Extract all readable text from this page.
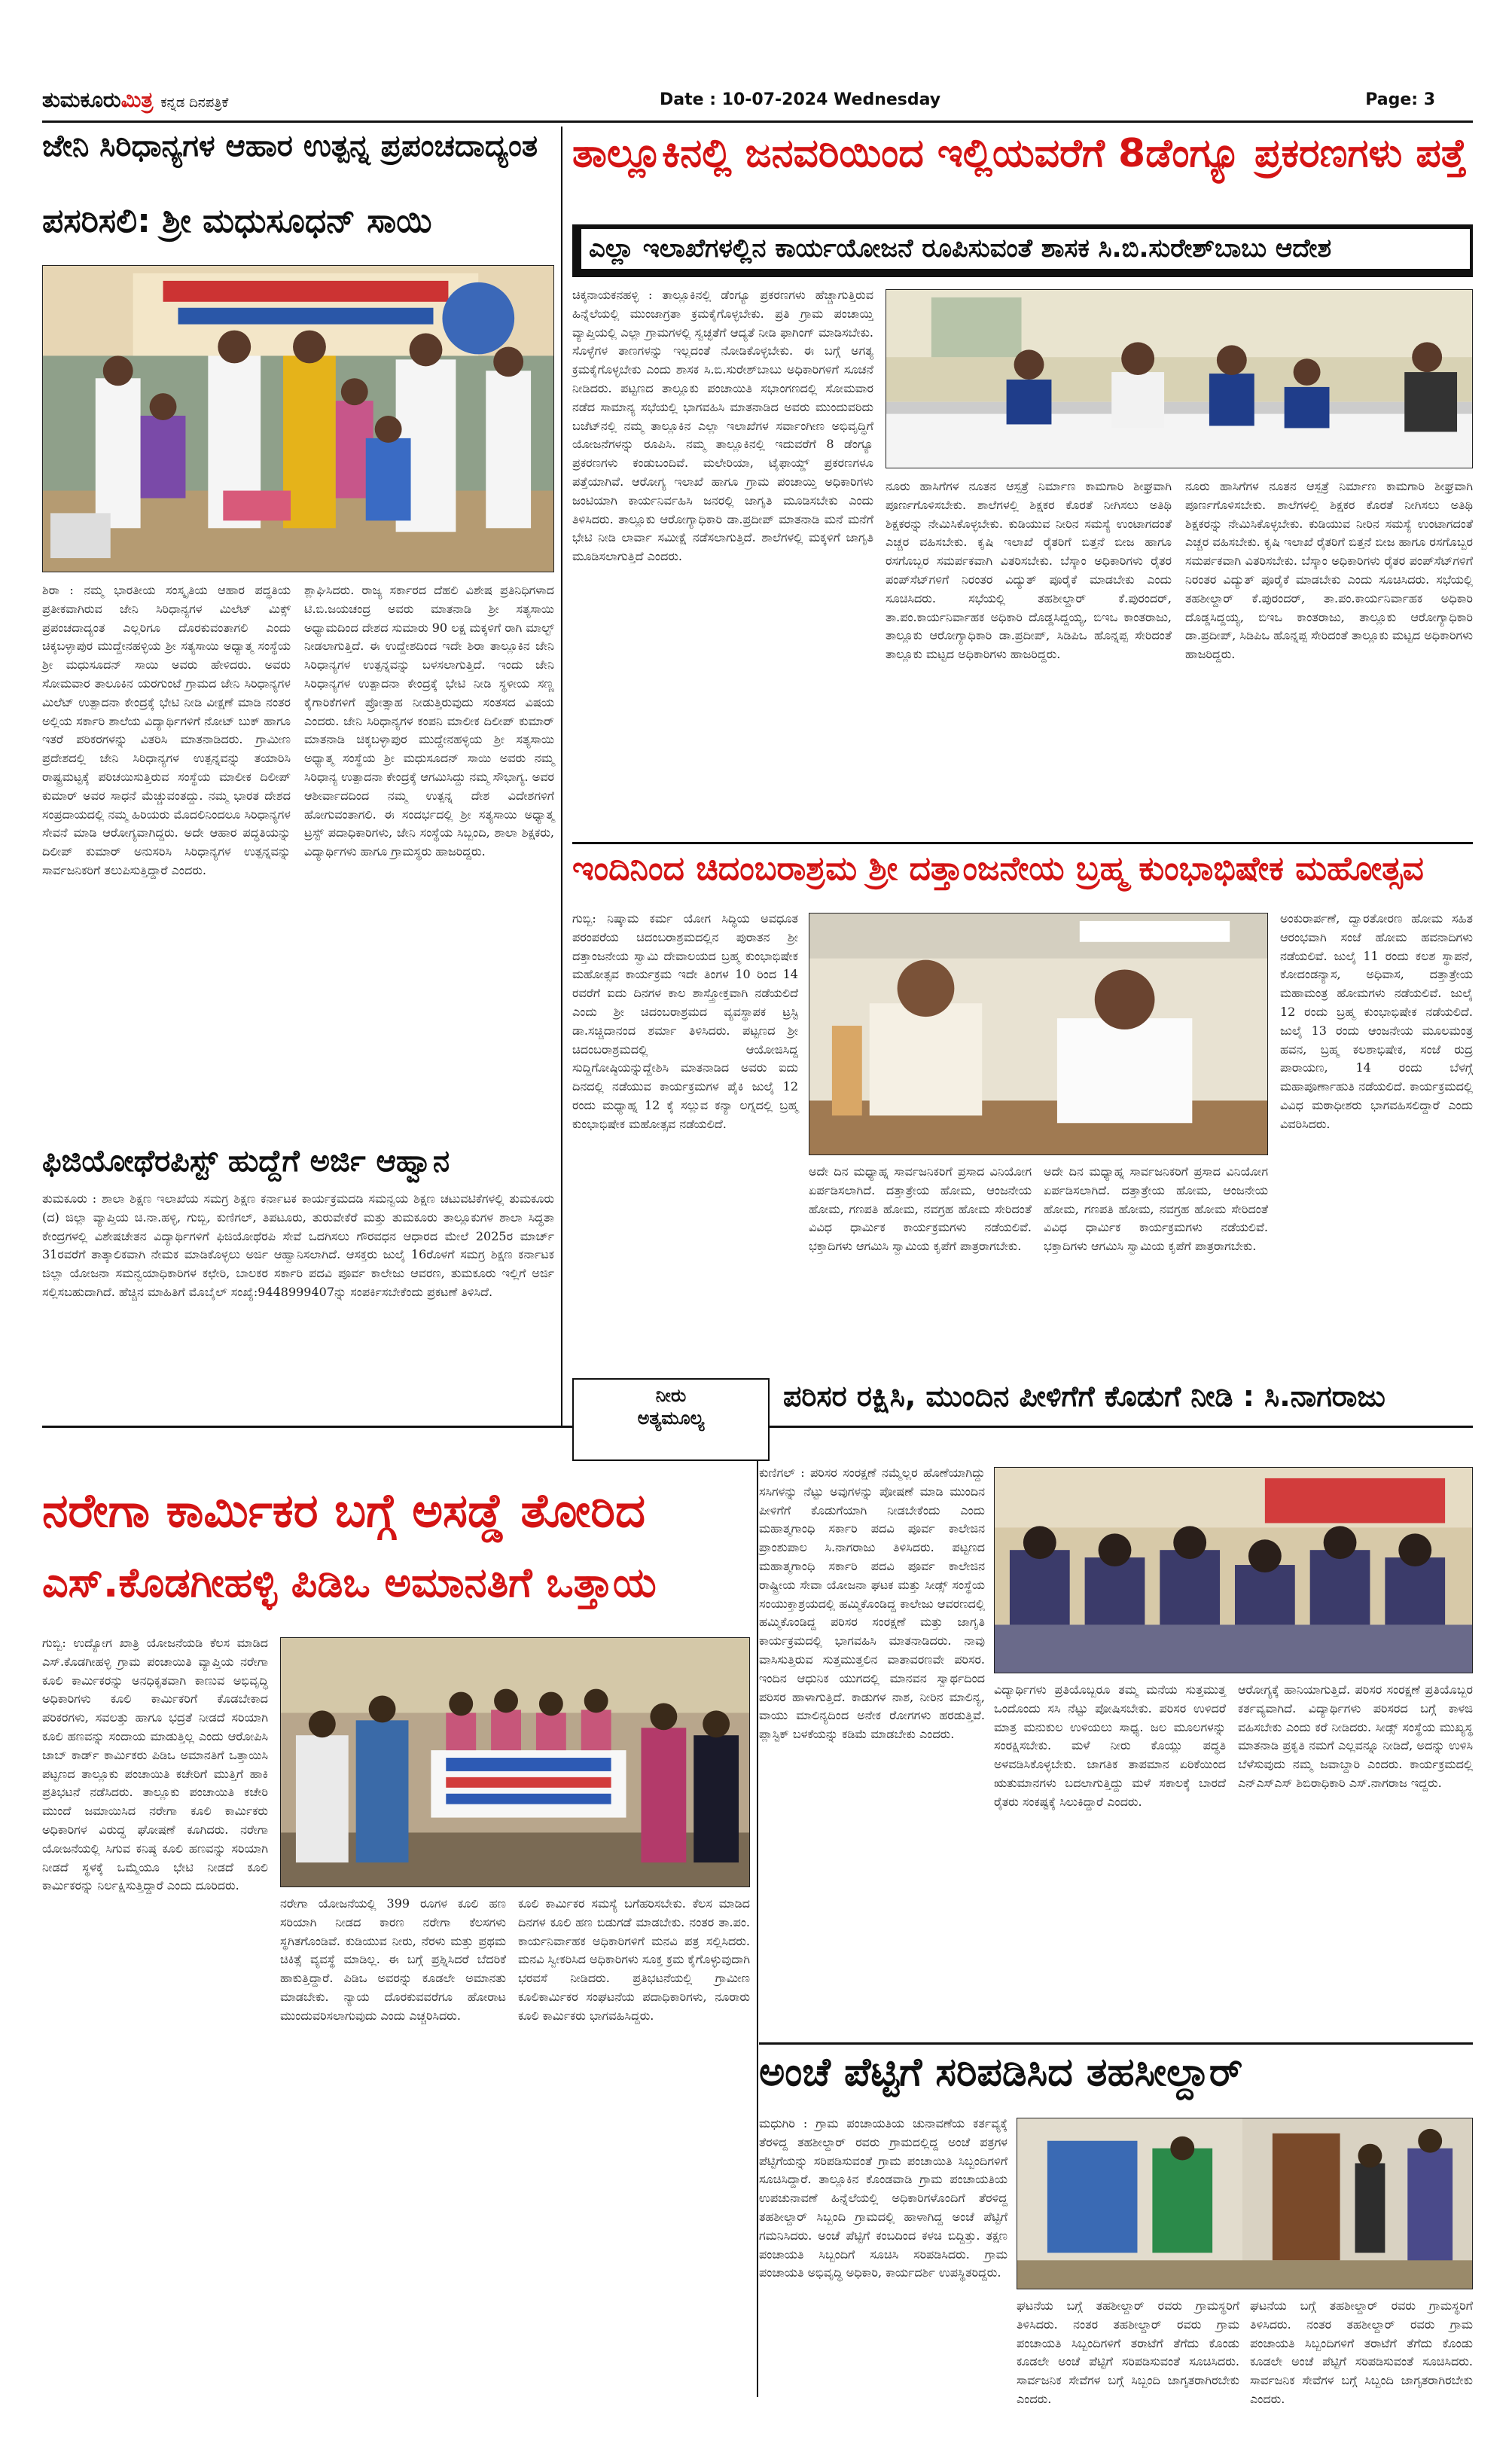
ತುಮಕೂರುಮಿತ್ರ ಕನ್ನಡ ದಿನಪತ್ರಿಕೆ	Date : 10-07-2024 Wednesday	Page: 3
ಜೇನಿ ಸಿರಿಧಾನ್ಯಗಳ ಆಹಾರ ಉತ್ಪನ್ನ ಪ್ರಪಂಚದಾದ್ಯಂತ
ಪಸರಿಸಲಿ: ಶ್ರೀ ಮಧುಸೂಧನ್ ಸಾಯಿ
ಶಿರಾ : ನಮ್ಮ ಭಾರತೀಯ ಸಂಸ್ಕೃತಿಯ ಆಹಾರ ಪದ್ಧತಿಯ ಪ್ರತೀಕವಾಗಿರುವ ಜೇನಿ ಸಿರಿಧಾನ್ಯಗಳ ಮಿಲೆಟ್ ಮಿಕ್ಸ್ ಪ್ರಪಂಚದಾದ್ಯಂತ ಎಲ್ಲರಿಗೂ ದೊರಕುವಂತಾಗಲಿ ಎಂದು ಚಿಕ್ಕಬಳ್ಳಾಪುರ ಮುದ್ದೇನಹಳ್ಳಿಯ ಶ್ರೀ ಸತ್ಯಸಾಯಿ ಅಧ್ಯಾತ್ಮ ಸಂಸ್ಥೆಯ ಶ್ರೀ ಮಧುಸೂದನ್ ಸಾಯಿ ಅವರು ಹೇಳಿದರು. ಅವರು ಸೋಮವಾರ ತಾಲೂಕಿನ ಯರಗುಂಟೆ ಗ್ರಾಮದ ಜೇನಿ ಸಿರಿಧಾನ್ಯಗಳ ಮಿಲೆಟ್ ಉತ್ಪಾದನಾ ಕೇಂದ್ರಕ್ಕೆ ಭೇಟಿ ನೀಡಿ ವೀಕ್ಷಣೆ ಮಾಡಿ ನಂತರ ಅಲ್ಲಿಯ ಸರ್ಕಾರಿ ಶಾಲೆಯ ವಿದ್ಯಾರ್ಥಿಗಳಿಗೆ ನೋಟ್ ಬುಕ್ ಹಾಗೂ ಇತರೆ ಪರಿಕರಗಳನ್ನು ವಿತರಿಸಿ ಮಾತನಾಡಿದರು. ಗ್ರಾಮೀಣ ಪ್ರದೇಶದಲ್ಲಿ ಜೇನಿ ಸಿರಿಧಾನ್ಯಗಳ ಉತ್ಪನ್ನವನ್ನು ತಯಾರಿಸಿ ರಾಷ್ಟ್ರಮಟ್ಟಕ್ಕೆ ಪರಿಚಯಿಸುತ್ತಿರುವ ಸಂಸ್ಥೆಯ ಮಾಲೀಕ ದಿಲೀಪ್ ಕುಮಾರ್ ಅವರ ಸಾಧನೆ ಮೆಚ್ಚುವಂತದ್ದು. ನಮ್ಮ ಭಾರತ ದೇಶದ ಸಂಪ್ರದಾಯದಲ್ಲಿ ನಮ್ಮ ಹಿರಿಯರು ಮೊದಲಿನಿಂದಲೂ ಸಿರಿಧಾನ್ಯಗಳ ಸೇವನೆ ಮಾಡಿ ಆರೋಗ್ಯವಾಗಿದ್ದರು. ಅದೇ ಆಹಾರ ಪದ್ಧತಿಯನ್ನು ದಿಲೀಪ್ ಕುಮಾರ್ ಅನುಸರಿಸಿ ಸಿರಿಧಾನ್ಯಗಳ ಉತ್ಪನ್ನವನ್ನು ಸಾರ್ವಜನಿಕರಿಗೆ ತಲುಪಿಸುತ್ತಿದ್ದಾರೆ ಎಂದರು.
ಶ್ಲಾಘಿಸಿದರು. ರಾಜ್ಯ ಸರ್ಕಾರದ ದೆಹಲಿ ವಿಶೇಷ ಪ್ರತಿನಿಧಿಗಳಾದ ಟಿ.ಬಿ.ಜಯಚಂದ್ರ ಅವರು ಮಾತನಾಡಿ ಶ್ರೀ ಸತ್ಯಸಾಯಿ ಅಧ್ಯಾಮದಿಂದ ದೇಶದ ಸುಮಾರು 90 ಲಕ್ಷ ಮಕ್ಕಳಿಗೆ ರಾಗಿ ಮಾಲ್ಟ್ ನೀಡಲಾಗುತ್ತಿದೆ. ಈ ಉದ್ದೇಶದಿಂದ ಇದೇ ಶಿರಾ ತಾಲ್ಲೂಕಿನ ಜೇನಿ ಸಿರಿಧಾನ್ಯಗಳ ಉತ್ಪನ್ನವನ್ನು ಬಳಸಲಾಗುತ್ತಿದೆ. ಇಂದು ಜೇನಿ ಸಿರಿಧಾನ್ಯಗಳ ಉತ್ಪಾದನಾ ಕೇಂದ್ರಕ್ಕೆ ಭೇಟಿ ನೀಡಿ ಸ್ಥಳೀಯ ಸಣ್ಣ ಕೈಗಾರಿಕೆಗಳಿಗೆ ಪ್ರೋತ್ಸಾಹ ನೀಡುತ್ತಿರುವುದು ಸಂತಸದ ವಿಷಯ ಎಂದರು. ಜೇನಿ ಸಿರಿಧಾನ್ಯಗಳ ಕಂಪನಿ ಮಾಲೀಕ ದಿಲೀಪ್ ಕುಮಾರ್ ಮಾತನಾಡಿ ಚಿಕ್ಕಬಳ್ಳಾಪುರ ಮುದ್ದೇನಹಳ್ಳಿಯ ಶ್ರೀ ಸತ್ಯಸಾಯಿ ಅಧ್ಯಾತ್ಮ ಸಂಸ್ಥೆಯ ಶ್ರೀ ಮಧುಸೂದನ್ ಸಾಯಿ ಅವರು ನಮ್ಮ ಸಿರಿಧಾನ್ಯ ಉತ್ಪಾದನಾ ಕೇಂದ್ರಕ್ಕೆ ಆಗಮಿಸಿದ್ದು ನಮ್ಮ ಸೌಭಾಗ್ಯ. ಅವರ ಆಶೀರ್ವಾದದಿಂದ ನಮ್ಮ ಉತ್ಪನ್ನ ದೇಶ ವಿದೇಶಗಳಿಗೆ ಹೋಗುವಂತಾಗಲಿ. ಈ ಸಂದರ್ಭದಲ್ಲಿ ಶ್ರೀ ಸತ್ಯಸಾಯಿ ಅಧ್ಯಾತ್ಮ ಟ್ರಸ್ಟ್ ಪದಾಧಿಕಾರಿಗಳು, ಜೇನಿ ಸಂಸ್ಥೆಯ ಸಿಬ್ಬಂದಿ, ಶಾಲಾ ಶಿಕ್ಷಕರು, ವಿದ್ಯಾರ್ಥಿಗಳು ಹಾಗೂ ಗ್ರಾಮಸ್ಥರು ಹಾಜರಿದ್ದರು.
ಫಿಜಿಯೋಥೆರಪಿಸ್ಟ್ ಹುದ್ದೆಗೆ ಅರ್ಜಿ ಆಹ್ವಾನ
ತುಮಕೂರು : ಶಾಲಾ ಶಿಕ್ಷಣ ಇಲಾಖೆಯ ಸಮಗ್ರ ಶಿಕ್ಷಣ ಕರ್ನಾಟಕ ಕಾರ್ಯಕ್ರಮದಡಿ ಸಮನ್ವಯ ಶಿಕ್ಷಣ ಚಟುವಟಿಕೆಗಳಲ್ಲಿ ತುಮಕೂರು (ದ) ಜಿಲ್ಲಾ ವ್ಯಾಪ್ತಿಯ ಚಿ.ನಾ.ಹಳ್ಳಿ, ಗುಬ್ಬಿ, ಕುಣಿಗಲ್, ತಿಪಟೂರು, ತುರುವೇಕೆರೆ ಮತ್ತು ತುಮಕೂರು ತಾಲ್ಲೂಕುಗಳ ಶಾಲಾ ಸಿದ್ಧತಾ ಕೇಂದ್ರಗಳಲ್ಲಿ ವಿಶೇಷಚೇತನ ವಿದ್ಯಾರ್ಥಿಗಳಿಗೆ ಫಿಜಿಯೋಥೆರಪಿ ಸೇವೆ ಒದಗಿಸಲು ಗೌರವಧನ ಆಧಾರದ ಮೇಲೆ 2025ರ ಮಾರ್ಚ್ 31ರವರೆಗೆ ತಾತ್ಕಾಲಿಕವಾಗಿ ನೇಮಕ ಮಾಡಿಕೊಳ್ಳಲು ಅರ್ಜಿ ಆಹ್ವಾನಿಸಲಾಗಿದೆ. ಆಸಕ್ತರು ಜುಲೈ 16ರೊಳಗೆ ಸಮಗ್ರ ಶಿಕ್ಷಣ ಕರ್ನಾಟಕ ಜಿಲ್ಲಾ ಯೋಜನಾ ಸಮನ್ವಯಾಧಿಕಾರಿಗಳ ಕಛೇರಿ, ಬಾಲಕರ ಸರ್ಕಾರಿ ಪದವಿ ಪೂರ್ವ ಕಾಲೇಜು ಆವರಣ, ತುಮಕೂರು ಇಲ್ಲಿಗೆ ಅರ್ಜಿ ಸಲ್ಲಿಸಬಹುದಾಗಿದೆ. ಹೆಚ್ಚಿನ ಮಾಹಿತಿಗೆ ಮೊಬೈಲ್ ಸಂಖ್ಯೆ:9448999407ನ್ನು ಸಂಪರ್ಕಿಸಬೇಕೆಂದು ಪ್ರಕಟಣೆ ತಿಳಿಸಿದೆ.
ತಾಲ್ಲೂಕಿನಲ್ಲಿ ಜನವರಿಯಿಂದ ಇಲ್ಲಿಯವರೆಗೆ 8ಡೆಂಗ್ಯೂ ಪ್ರಕರಣಗಳು ಪತ್ತೆ
ಎಲ್ಲಾ ಇಲಾಖೆಗಳಲ್ಲಿನ ಕಾರ್ಯಯೋಜನೆ ರೂಪಿಸುವಂತೆ ಶಾಸಕ ಸಿ.ಬಿ.ಸುರೇಶ್‌ಬಾಬು ಆದೇಶ
ಚಿಕ್ಕನಾಯಕನಹಳ್ಳಿ : ತಾಲ್ಲೂಕಿನಲ್ಲಿ ಡೆಂಗ್ಯೂ ಪ್ರಕರಣಗಳು ಹೆಚ್ಚಾಗುತ್ತಿರುವ ಹಿನ್ನೆಲೆಯಲ್ಲಿ ಮುಂಜಾಗ್ರತಾ ಕ್ರಮಕೈಗೊಳ್ಳಬೇಕು. ಪ್ರತಿ ಗ್ರಾಮ ಪಂಚಾಯ್ತಿ ವ್ಯಾಪ್ತಿಯಲ್ಲಿ ಎಲ್ಲಾ ಗ್ರಾಮಗಳಲ್ಲಿ ಸ್ವಚ್ಛತೆಗೆ ಆದ್ಯತೆ ನೀಡಿ ಫಾಗಿಂಗ್ ಮಾಡಿಸಬೇಕು. ಸೊಳ್ಳೆಗಳ ತಾಣಗಳನ್ನು ಇಲ್ಲದಂತೆ ನೋಡಿಕೊಳ್ಳಬೇಕು. ಈ ಬಗ್ಗೆ ಅಗತ್ಯ ಕ್ರಮಕೈಗೊಳ್ಳಬೇಕು ಎಂದು ಶಾಸಕ ಸಿ.ಬಿ.ಸುರೇಶ್‌ಬಾಬು ಅಧಿಕಾರಿಗಳಿಗೆ ಸೂಚನೆ ನೀಡಿದರು. ಪಟ್ಟಣದ ತಾಲ್ಲೂಕು ಪಂಚಾಯಿತಿ ಸಭಾಂಗಣದಲ್ಲಿ ಸೋಮವಾರ ನಡೆದ ಸಾಮಾನ್ಯ ಸಭೆಯಲ್ಲಿ ಭಾಗವಹಿಸಿ ಮಾತನಾಡಿದ ಅವರು ಮುಂದುವರಿದು ಬಜೆಟ್‌ನಲ್ಲಿ ನಮ್ಮ ತಾಲ್ಲೂಕಿನ ಎಲ್ಲಾ ಇಲಾಖೆಗಳ ಸರ್ವಾಂಗೀಣ ಅಭಿವೃದ್ಧಿಗೆ ಯೋಜನೆಗಳನ್ನು ರೂಪಿಸಿ. ನಮ್ಮ ತಾಲ್ಲೂಕಿನಲ್ಲಿ ಇದುವರೆಗೆ 8 ಡೆಂಗ್ಯೂ ಪ್ರಕರಣಗಳು ಕಂಡುಬಂದಿವೆ. ಮಲೇರಿಯಾ, ಟೈಫಾಯ್ಡ್ ಪ್ರಕರಣಗಳೂ ಪತ್ತೆಯಾಗಿವೆ. ಆರೋಗ್ಯ ಇಲಾಖೆ ಹಾಗೂ ಗ್ರಾಮ ಪಂಚಾಯ್ತಿ ಅಧಿಕಾರಿಗಳು ಜಂಟಿಯಾಗಿ ಕಾರ್ಯನಿರ್ವಹಿಸಿ ಜನರಲ್ಲಿ ಜಾಗೃತಿ ಮೂಡಿಸಬೇಕು ಎಂದು ತಿಳಿಸಿದರು. ತಾಲ್ಲೂಕು ಆರೋಗ್ಯಾಧಿಕಾರಿ ಡಾ.ಪ್ರದೀಪ್ ಮಾತನಾಡಿ ಮನೆ ಮನೆಗೆ ಭೇಟಿ ನೀಡಿ ಲಾರ್ವಾ ಸಮೀಕ್ಷೆ ನಡೆಸಲಾಗುತ್ತಿದೆ. ಶಾಲೆಗಳಲ್ಲಿ ಮಕ್ಕಳಿಗೆ ಜಾಗೃತಿ ಮೂಡಿಸಲಾಗುತ್ತಿದೆ ಎಂದರು.
ನೂರು ಹಾಸಿಗೆಗಳ ನೂತನ ಆಸ್ಪತ್ರೆ ನಿರ್ಮಾಣ ಕಾಮಗಾರಿ ಶೀಘ್ರವಾಗಿ ಪೂರ್ಣಗೊಳಿಸಬೇಕು. ಶಾಲೆಗಳಲ್ಲಿ ಶಿಕ್ಷಕರ ಕೊರತೆ ನೀಗಿಸಲು ಅತಿಥಿ ಶಿಕ್ಷಕರನ್ನು ನೇಮಿಸಿಕೊಳ್ಳಬೇಕು. ಕುಡಿಯುವ ನೀರಿನ ಸಮಸ್ಯೆ ಉಂಟಾಗದಂತೆ ಎಚ್ಚರ ವಹಿಸಬೇಕು. ಕೃಷಿ ಇಲಾಖೆ ರೈತರಿಗೆ ಬಿತ್ತನೆ ಬೀಜ ಹಾಗೂ ರಸಗೊಬ್ಬರ ಸಮರ್ಪಕವಾಗಿ ವಿತರಿಸಬೇಕು. ಬೆಸ್ಕಾಂ ಅಧಿಕಾರಿಗಳು ರೈತರ ಪಂಪ್‌ಸೆಟ್‌ಗಳಿಗೆ ನಿರಂತರ ವಿದ್ಯುತ್ ಪೂರೈಕೆ ಮಾಡಬೇಕು ಎಂದು ಸೂಚಿಸಿದರು. ಸಭೆಯಲ್ಲಿ ತಹಶೀಲ್ದಾರ್ ಕೆ.ಪುರಂದರ್, ತಾ.ಪಂ.ಕಾರ್ಯನಿರ್ವಾಹಕ ಅಧಿಕಾರಿ ದೊಡ್ಡಸಿದ್ದಯ್ಯ, ಬಿಇಒ ಕಾಂತರಾಜು, ತಾಲ್ಲೂಕು ಆರೋಗ್ಯಾಧಿಕಾರಿ ಡಾ.ಪ್ರದೀಪ್, ಸಿಡಿಪಿಒ ಹೊನ್ನಪ್ಪ ಸೇರಿದಂತೆ ತಾಲ್ಲೂಕು ಮಟ್ಟದ ಅಧಿಕಾರಿಗಳು ಹಾಜರಿದ್ದರು.
ನೂರು ಹಾಸಿಗೆಗಳ ನೂತನ ಆಸ್ಪತ್ರೆ ನಿರ್ಮಾಣ ಕಾಮಗಾರಿ ಶೀಘ್ರವಾಗಿ ಪೂರ್ಣಗೊಳಿಸಬೇಕು. ಶಾಲೆಗಳಲ್ಲಿ ಶಿಕ್ಷಕರ ಕೊರತೆ ನೀಗಿಸಲು ಅತಿಥಿ ಶಿಕ್ಷಕರನ್ನು ನೇಮಿಸಿಕೊಳ್ಳಬೇಕು. ಕುಡಿಯುವ ನೀರಿನ ಸಮಸ್ಯೆ ಉಂಟಾಗದಂತೆ ಎಚ್ಚರ ವಹಿಸಬೇಕು. ಕೃಷಿ ಇಲಾಖೆ ರೈತರಿಗೆ ಬಿತ್ತನೆ ಬೀಜ ಹಾಗೂ ರಸಗೊಬ್ಬರ ಸಮರ್ಪಕವಾಗಿ ವಿತರಿಸಬೇಕು. ಬೆಸ್ಕಾಂ ಅಧಿಕಾರಿಗಳು ರೈತರ ಪಂಪ್‌ಸೆಟ್‌ಗಳಿಗೆ ನಿರಂತರ ವಿದ್ಯುತ್ ಪೂರೈಕೆ ಮಾಡಬೇಕು ಎಂದು ಸೂಚಿಸಿದರು. ಸಭೆಯಲ್ಲಿ ತಹಶೀಲ್ದಾರ್ ಕೆ.ಪುರಂದರ್, ತಾ.ಪಂ.ಕಾರ್ಯನಿರ್ವಾಹಕ ಅಧಿಕಾರಿ ದೊಡ್ಡಸಿದ್ದಯ್ಯ, ಬಿಇಒ ಕಾಂತರಾಜು, ತಾಲ್ಲೂಕು ಆರೋಗ್ಯಾಧಿಕಾರಿ ಡಾ.ಪ್ರದೀಪ್, ಸಿಡಿಪಿಒ ಹೊನ್ನಪ್ಪ ಸೇರಿದಂತೆ ತಾಲ್ಲೂಕು ಮಟ್ಟದ ಅಧಿಕಾರಿಗಳು ಹಾಜರಿದ್ದರು.
ಇಂದಿನಿಂದ ಚಿದಂಬರಾಶ್ರಮ ಶ್ರೀ ದತ್ತಾಂಜನೇಯ ಬ್ರಹ್ಮ ಕುಂಭಾಭಿಷೇಕ ಮಹೋತ್ಸವ
ಗುಬ್ಬಿ: ನಿಷ್ಕಾಮ ಕರ್ಮ ಯೋಗ ಸಿದ್ಧಿಯ ಅವಧೂತ ಪರಂಪರೆಯ ಚಿದಂಬರಾಶ್ರಮದಲ್ಲಿನ ಪುರಾತನ ಶ್ರೀ ದತ್ತಾಂಜನೇಯ ಸ್ವಾಮಿ ದೇವಾಲಯದ ಬ್ರಹ್ಮ ಕುಂಭಾಭಿಷೇಕ ಮಹೋತ್ಸವ ಕಾರ್ಯಕ್ರಮ ಇದೇ ತಿಂಗಳ 10 ರಿಂದ 14 ರವರೆಗೆ ಐದು ದಿನಗಳ ಕಾಲ ಶಾಸ್ತ್ರೋಕ್ತವಾಗಿ ನಡೆಯಲಿದೆ ಎಂದು ಶ್ರೀ ಚಿದಂಬರಾಶ್ರಮದ ವ್ಯವಸ್ಥಾಪಕ ಟ್ರಸ್ಟಿ ಡಾ.ಸಚ್ಚಿದಾನಂದ ಶರ್ಮಾ ತಿಳಿಸಿದರು. ಪಟ್ಟಣದ ಶ್ರೀ ಚಿದಂಬರಾಶ್ರಮದಲ್ಲಿ ಆಯೋಜಿಸಿದ್ದ ಸುದ್ದಿಗೋಷ್ಠಿಯನ್ನುದ್ದೇಶಿಸಿ ಮಾತನಾಡಿದ ಅವರು ಐದು ದಿನದಲ್ಲಿ ನಡೆಯುವ ಕಾರ್ಯಕ್ರಮಗಳ ಪೈಕಿ ಜುಲೈ 12 ರಂದು ಮಧ್ಯಾಹ್ನ 12 ಕ್ಕೆ ಸಲ್ಲುವ ಕನ್ಯಾ ಲಗ್ನದಲ್ಲಿ ಬ್ರಹ್ಮ ಕುಂಭಾಭಿಷೇಕ ಮಹೋತ್ಸವ ನಡೆಯಲಿದೆ.
ಅದೇ ದಿನ ಮಧ್ಯಾಹ್ನ ಸಾರ್ವಜನಿಕರಿಗೆ ಪ್ರಸಾದ ವಿನಿಯೋಗ ಏರ್ಪಡಿಸಲಾಗಿದೆ. ದತ್ತಾತ್ರೇಯ ಹೋಮ, ಆಂಜನೇಯ ಹೋಮ, ಗಣಪತಿ ಹೋಮ, ನವಗ್ರಹ ಹೋಮ ಸೇರಿದಂತೆ ವಿವಿಧ ಧಾರ್ಮಿಕ ಕಾರ್ಯಕ್ರಮಗಳು ನಡೆಯಲಿವೆ. ಭಕ್ತಾದಿಗಳು ಆಗಮಿಸಿ ಸ್ವಾಮಿಯ ಕೃಪೆಗೆ ಪಾತ್ರರಾಗಬೇಕು.
ಅದೇ ದಿನ ಮಧ್ಯಾಹ್ನ ಸಾರ್ವಜನಿಕರಿಗೆ ಪ್ರಸಾದ ವಿನಿಯೋಗ ಏರ್ಪಡಿಸಲಾಗಿದೆ. ದತ್ತಾತ್ರೇಯ ಹೋಮ, ಆಂಜನೇಯ ಹೋಮ, ಗಣಪತಿ ಹೋಮ, ನವಗ್ರಹ ಹೋಮ ಸೇರಿದಂತೆ ವಿವಿಧ ಧಾರ್ಮಿಕ ಕಾರ್ಯಕ್ರಮಗಳು ನಡೆಯಲಿವೆ. ಭಕ್ತಾದಿಗಳು ಆಗಮಿಸಿ ಸ್ವಾಮಿಯ ಕೃಪೆಗೆ ಪಾತ್ರರಾಗಬೇಕು.
ಅಂಕುರಾರ್ಪಣೆ, ದ್ವಾರತೋರಣ ಹೋಮ ಸಹಿತ ಆರಂಭವಾಗಿ ಸಂಜೆ ಹೋಮ ಹವನಾದಿಗಳು ನಡೆಯಲಿವೆ. ಜುಲೈ 11 ರಂದು ಕಲಶ ಸ್ಥಾಪನೆ, ಕೋದಂಡನ್ಯಾಸ, ಅಧಿವಾಸ, ದತ್ತಾತ್ರೇಯ ಮಹಾಮಂತ್ರ ಹೋಮಗಳು ನಡೆಯಲಿವೆ. ಜುಲೈ 12 ರಂದು ಬ್ರಹ್ಮ ಕುಂಭಾಭಿಷೇಕ ನಡೆಯಲಿದೆ. ಜುಲೈ 13 ರಂದು ಆಂಜನೇಯ ಮೂಲಮಂತ್ರ ಹವನ, ಬ್ರಹ್ಮ ಕಲಶಾಭಿಷೇಕ, ಸಂಜೆ ರುದ್ರ ಪಾರಾಯಣ, 14 ರಂದು ಬೆಳಗ್ಗೆ ಮಹಾಪೂರ್ಣಾಹುತಿ ನಡೆಯಲಿದೆ. ಕಾರ್ಯಕ್ರಮದಲ್ಲಿ ವಿವಿಧ ಮಠಾಧೀಶರು ಭಾಗವಹಿಸಲಿದ್ದಾರೆ ಎಂದು ವಿವರಿಸಿದರು.
ನೀರು
ಅತ್ಯಮೂಲ್ಯ
ಪರಿಸರ ರಕ್ಷಿಸಿ, ಮುಂದಿನ ಪೀಳಿಗೆಗೆ ಕೊಡುಗೆ ನೀಡಿ : ಸಿ.ನಾಗರಾಜು
ಕುಣಿಗಲ್ : ಪರಿಸರ ಸಂರಕ್ಷಣೆ ನಮ್ಮೆಲ್ಲರ ಹೊಣೆಯಾಗಿದ್ದು ಸಸಿಗಳನ್ನು ನೆಟ್ಟು ಅವುಗಳನ್ನು ಪೋಷಣೆ ಮಾಡಿ ಮುಂದಿನ ಪೀಳಿಗೆಗೆ ಕೊಡುಗೆಯಾಗಿ ನೀಡಬೇಕೆಂದು ಎಂದು ಮಹಾತ್ಮಗಾಂಧಿ ಸರ್ಕಾರಿ ಪದವಿ ಪೂರ್ವ ಕಾಲೇಜಿನ ಪ್ರಾಂಶುಪಾಲ ಸಿ.ನಾಗರಾಜು ತಿಳಿಸಿದರು. ಪಟ್ಟಣದ ಮಹಾತ್ಮಗಾಂಧಿ ಸರ್ಕಾರಿ ಪದವಿ ಪೂರ್ವ ಕಾಲೇಜಿನ ರಾಷ್ಟ್ರೀಯ ಸೇವಾ ಯೋಜನಾ ಘಟಕ ಮತ್ತು ಸೀಡ್ಸ್ ಸಂಸ್ಥೆಯ ಸಂಯುಕ್ತಾಶ್ರಯದಲ್ಲಿ ಹಮ್ಮಿಕೊಂಡಿದ್ದ ಕಾಲೇಜು ಆವರಣದಲ್ಲಿ ಹಮ್ಮಿಕೊಂಡಿದ್ದ ಪರಿಸರ ಸಂರಕ್ಷಣೆ ಮತ್ತು ಜಾಗೃತಿ ಕಾರ್ಯಕ್ರಮದಲ್ಲಿ ಭಾಗವಹಿಸಿ ಮಾತನಾಡಿದರು. ನಾವು ವಾಸಿಸುತ್ತಿರುವ ಸುತ್ತಮುತ್ತಲಿನ ವಾತಾವರಣವೇ ಪರಿಸರ. ಇಂದಿನ ಆಧುನಿಕ ಯುಗದಲ್ಲಿ ಮಾನವನ ಸ್ವಾರ್ಥದಿಂದ ಪರಿಸರ ಹಾಳಾಗುತ್ತಿದೆ. ಕಾಡುಗಳ ನಾಶ, ನೀರಿನ ಮಾಲಿನ್ಯ, ವಾಯು ಮಾಲಿನ್ಯದಿಂದ ಅನೇಕ ರೋಗಗಳು ಹರಡುತ್ತಿವೆ. ಪ್ಲಾಸ್ಟಿಕ್ ಬಳಕೆಯನ್ನು ಕಡಿಮೆ ಮಾಡಬೇಕು ಎಂದರು.
ವಿದ್ಯಾರ್ಥಿಗಳು ಪ್ರತಿಯೊಬ್ಬರೂ ತಮ್ಮ ಮನೆಯ ಸುತ್ತಮುತ್ತ ಒಂದೊಂದು ಸಸಿ ನೆಟ್ಟು ಪೋಷಿಸಬೇಕು. ಪರಿಸರ ಉಳಿದರೆ ಮಾತ್ರ ಮನುಕುಲ ಉಳಿಯಲು ಸಾಧ್ಯ. ಜಲ ಮೂಲಗಳನ್ನು ಸಂರಕ್ಷಿಸಬೇಕು. ಮಳೆ ನೀರು ಕೊಯ್ಲು ಪದ್ಧತಿ ಅಳವಡಿಸಿಕೊಳ್ಳಬೇಕು. ಜಾಗತಿಕ ತಾಪಮಾನ ಏರಿಕೆಯಿಂದ ಋತುಮಾನಗಳು ಬದಲಾಗುತ್ತಿದ್ದು ಮಳೆ ಸಕಾಲಕ್ಕೆ ಬಾರದೆ ರೈತರು ಸಂಕಷ್ಟಕ್ಕೆ ಸಿಲುಕಿದ್ದಾರೆ ಎಂದರು.
ಆರೋಗ್ಯಕ್ಕೆ ಹಾನಿಯಾಗುತ್ತಿದೆ. ಪರಿಸರ ಸಂರಕ್ಷಣೆ ಪ್ರತಿಯೊಬ್ಬರ ಕರ್ತವ್ಯವಾಗಿದೆ. ವಿದ್ಯಾರ್ಥಿಗಳು ಪರಿಸರದ ಬಗ್ಗೆ ಕಾಳಜಿ ವಹಿಸಬೇಕು ಎಂದು ಕರೆ ನೀಡಿದರು. ಸೀಡ್ಸ್ ಸಂಸ್ಥೆಯ ಮುಖ್ಯಸ್ಥ ಮಾತನಾಡಿ ಪ್ರಕೃತಿ ನಮಗೆ ಎಲ್ಲವನ್ನೂ ನೀಡಿದೆ, ಅದನ್ನು ಉಳಿಸಿ ಬೆಳೆಸುವುದು ನಮ್ಮ ಜವಾಬ್ದಾರಿ ಎಂದರು. ಕಾರ್ಯಕ್ರಮದಲ್ಲಿ ಎನ್‌ಎಸ್‌ಎಸ್ ಶಿಬಿರಾಧಿಕಾರಿ ಎಸ್.ನಾಗರಾಜ ಇದ್ದರು.
ನರೇಗಾ ಕಾರ್ಮಿಕರ ಬಗ್ಗೆ ಅಸಡ್ಡೆ ತೋರಿದ
ಎಸ್.ಕೊಡಗೀಹಳ್ಳಿ ಪಿಡಿಒ ಅಮಾನತಿಗೆ ಒತ್ತಾಯ
ಗುಬ್ಬಿ: ಉದ್ಯೋಗ ಖಾತ್ರಿ ಯೋಜನೆಯಡಿ ಕೆಲಸ ಮಾಡಿದ ಎಸ್.ಕೊಡಗೀಹಳ್ಳಿ ಗ್ರಾಮ ಪಂಚಾಯಿತಿ ವ್ಯಾಪ್ತಿಯ ನರೇಗಾ ಕೂಲಿ ಕಾರ್ಮಿಕರನ್ನು ಅನಧಿಕೃತವಾಗಿ ಕಾಣುವ ಅಭಿವೃದ್ಧಿ ಅಧಿಕಾರಿಗಳು ಕೂಲಿ ಕಾರ್ಮಿಕರಿಗೆ ಕೊಡಬೇಕಾದ ಪರಿಕರಗಳು, ಸವಲತ್ತು ಹಾಗೂ ಭದ್ರತೆ ನೀಡದೆ ಸರಿಯಾಗಿ ಕೂಲಿ ಹಣವನ್ನು ಸಂದಾಯ ಮಾಡುತ್ತಿಲ್ಲ ಎಂದು ಆರೋಪಿಸಿ ಜಾಬ್ ಕಾರ್ಡ್ ಕಾರ್ಮಿಕರು ಪಿಡಿಒ ಅಮಾನತಿಗೆ ಒತ್ತಾಯಿಸಿ ಪಟ್ಟಣದ ತಾಲ್ಲೂಕು ಪಂಚಾಯಿತಿ ಕಚೇರಿಗೆ ಮುತ್ತಿಗೆ ಹಾಕಿ ಪ್ರತಿಭಟನೆ ನಡೆಸಿದರು. ತಾಲ್ಲೂಕು ಪಂಚಾಯಿತಿ ಕಚೇರಿ ಮುಂದೆ ಜಮಾಯಿಸಿದ ನರೇಗಾ ಕೂಲಿ ಕಾರ್ಮಿಕರು ಅಧಿಕಾರಿಗಳ ವಿರುದ್ಧ ಘೋಷಣೆ ಕೂಗಿದರು. ನರೇಗಾ ಯೋಜನೆಯಲ್ಲಿ ಸಿಗುವ ಕನಿಷ್ಠ ಕೂಲಿ ಹಣವನ್ನು ಸರಿಯಾಗಿ ನೀಡದೆ ಸ್ಥಳಕ್ಕೆ ಒಮ್ಮೆಯೂ ಭೇಟಿ ನೀಡದೆ ಕೂಲಿ ಕಾರ್ಮಿಕರನ್ನು ನಿರ್ಲಕ್ಷಿಸುತ್ತಿದ್ದಾರೆ ಎಂದು ದೂರಿದರು.
ನರೇಗಾ ಯೋಜನೆಯಲ್ಲಿ 399 ರೂಗಳ ಕೂಲಿ ಹಣ ಸರಿಯಾಗಿ ನೀಡದ ಕಾರಣ ನರೇಗಾ ಕೆಲಸಗಳು ಸ್ಥಗಿತಗೊಂಡಿವೆ. ಕುಡಿಯುವ ನೀರು, ನೆರಳು ಮತ್ತು ಪ್ರಥಮ ಚಿಕಿತ್ಸೆ ವ್ಯವಸ್ಥೆ ಮಾಡಿಲ್ಲ. ಈ ಬಗ್ಗೆ ಪ್ರಶ್ನಿಸಿದರೆ ಬೆದರಿಕೆ ಹಾಕುತ್ತಿದ್ದಾರೆ. ಪಿಡಿಒ ಅವರನ್ನು ಕೂಡಲೇ ಅಮಾನತು ಮಾಡಬೇಕು. ನ್ಯಾಯ ದೊರಕುವವರೆಗೂ ಹೋರಾಟ ಮುಂದುವರಿಸಲಾಗುವುದು ಎಂದು ಎಚ್ಚರಿಸಿದರು.
ಕೂಲಿ ಕಾರ್ಮಿಕರ ಸಮಸ್ಯೆ ಬಗೆಹರಿಸಬೇಕು. ಕೆಲಸ ಮಾಡಿದ ದಿನಗಳ ಕೂಲಿ ಹಣ ಬಿಡುಗಡೆ ಮಾಡಬೇಕು. ನಂತರ ತಾ.ಪಂ. ಕಾರ್ಯನಿರ್ವಾಹಕ ಅಧಿಕಾರಿಗಳಿಗೆ ಮನವಿ ಪತ್ರ ಸಲ್ಲಿಸಿದರು. ಮನವಿ ಸ್ವೀಕರಿಸಿದ ಅಧಿಕಾರಿಗಳು ಸೂಕ್ತ ಕ್ರಮ ಕೈಗೊಳ್ಳುವುದಾಗಿ ಭರವಸೆ ನೀಡಿದರು. ಪ್ರತಿಭಟನೆಯಲ್ಲಿ ಗ್ರಾಮೀಣ ಕೂಲಿಕಾರ್ಮಿಕರ ಸಂಘಟನೆಯ ಪದಾಧಿಕಾರಿಗಳು, ನೂರಾರು ಕೂಲಿ ಕಾರ್ಮಿಕರು ಭಾಗವಹಿಸಿದ್ದರು.
ಅಂಚೆ ಪೆಟ್ಟಿಗೆ ಸರಿಪಡಿಸಿದ ತಹಸೀಲ್ದಾರ್
ಮಧುಗಿರಿ : ಗ್ರಾಮ ಪಂಚಾಯತಿಯ ಚುನಾವಣೆಯ ಕರ್ತವ್ಯಕ್ಕೆ ತೆರಳಿದ್ದ ತಹಶೀಲ್ದಾರ್ ರವರು ಗ್ರಾಮದಲ್ಲಿದ್ದ ಅಂಚೆ ಪತ್ರಗಳ ಪೆಟ್ಟಿಗೆಯನ್ನು ಸರಿಪಡಿಸುವಂತೆ ಗ್ರಾಮ ಪಂಚಾಯಿತಿ ಸಿಬ್ಬಂದಿಗಳಿಗೆ ಸೂಚಿಸಿದ್ದಾರೆ. ತಾಲ್ಲೂಕಿನ ಕೊಂಡವಾಡಿ ಗ್ರಾಮ ಪಂಚಾಯತಿಯ ಉಪಚುನಾವಣೆ ಹಿನ್ನೆಲೆಯಲ್ಲಿ ಅಧಿಕಾರಿಗಳೊಂದಿಗೆ ತೆರಳಿದ್ದ ತಹಶೀಲ್ದಾರ್ ಸಿಬ್ಬಂದಿ ಗ್ರಾಮದಲ್ಲಿ ಹಾಳಾಗಿದ್ದ ಅಂಚೆ ಪೆಟ್ಟಿಗೆ ಗಮನಿಸಿದರು. ಅಂಚೆ ಪೆಟ್ಟಿಗೆ ಕಂಬದಿಂದ ಕಳಚಿ ಬಿದ್ದಿತ್ತು. ತಕ್ಷಣ ಪಂಚಾಯತಿ ಸಿಬ್ಬಂದಿಗೆ ಸೂಚಿಸಿ ಸರಿಪಡಿಸಿದರು. ಗ್ರಾಮ ಪಂಚಾಯತಿ ಅಭಿವೃದ್ಧಿ ಅಧಿಕಾರಿ, ಕಾರ್ಯದರ್ಶಿ ಉಪಸ್ಥಿತರಿದ್ದರು.
ಘಟನೆಯ ಬಗ್ಗೆ ತಹಶೀಲ್ದಾರ್ ರವರು ಗ್ರಾಮಸ್ಥರಿಗೆ ತಿಳಿಸಿದರು. ನಂತರ ತಹಶೀಲ್ದಾರ್ ರವರು ಗ್ರಾಮ ಪಂಚಾಯತಿ ಸಿಬ್ಬಂದಿಗಳಿಗೆ ತರಾಟೆಗೆ ತೆಗೆದು ಕೊಂಡು ಕೂಡಲೇ ಅಂಚೆ ಪೆಟ್ಟಿಗೆ ಸರಿಪಡಿಸುವಂತೆ ಸೂಚಿಸಿದರು. ಸಾರ್ವಜನಿಕ ಸೇವೆಗಳ ಬಗ್ಗೆ ಸಿಬ್ಬಂದಿ ಜಾಗೃತರಾಗಿರಬೇಕು ಎಂದರು.
ಘಟನೆಯ ಬಗ್ಗೆ ತಹಶೀಲ್ದಾರ್ ರವರು ಗ್ರಾಮಸ್ಥರಿಗೆ ತಿಳಿಸಿದರು. ನಂತರ ತಹಶೀಲ್ದಾರ್ ರವರು ಗ್ರಾಮ ಪಂಚಾಯತಿ ಸಿಬ್ಬಂದಿಗಳಿಗೆ ತರಾಟೆಗೆ ತೆಗೆದು ಕೊಂಡು ಕೂಡಲೇ ಅಂಚೆ ಪೆಟ್ಟಿಗೆ ಸರಿಪಡಿಸುವಂತೆ ಸೂಚಿಸಿದರು. ಸಾರ್ವಜನಿಕ ಸೇವೆಗಳ ಬಗ್ಗೆ ಸಿಬ್ಬಂದಿ ಜಾಗೃತರಾಗಿರಬೇಕು ಎಂದರು.
